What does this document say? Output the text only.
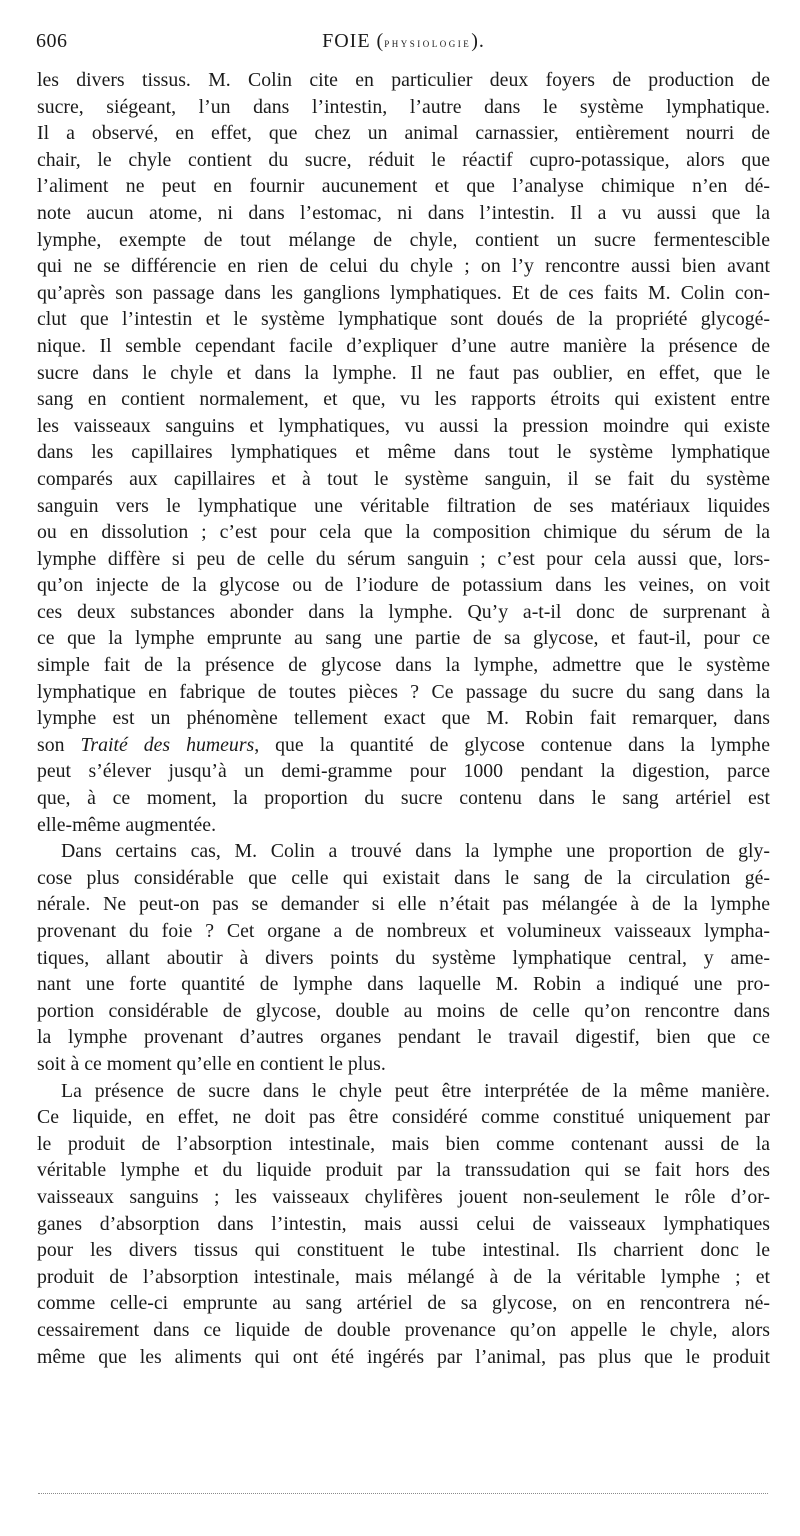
606	FOIE (physiologie).
les divers tissus. M. Colin cite en particulier deux foyers de production de
sucre, siégeant, l’un dans l’intestin, l’autre dans le système lymphatique.
Il a observé, en effet, que chez un animal carnassier, entièrement nourri de
chair, le chyle contient du sucre, réduit le réactif cupro-potassique, alors que
l’aliment ne peut en fournir aucunement et que l’analyse chimique n’en dé-
note aucun atome, ni dans l’estomac, ni dans l’intestin. Il a vu aussi que la
lymphe, exempte de tout mélange de chyle, contient un sucre fermentescible
qui ne se différencie en rien de celui du chyle ; on l’y rencontre aussi bien avant
qu’après son passage dans les ganglions lymphatiques. Et de ces faits M. Colin con-
clut que l’intestin et le système lymphatique sont doués de la propriété glycogé-
nique. Il semble cependant facile d’expliquer d’une autre manière la présence de
sucre dans le chyle et dans la lymphe. Il ne faut pas oublier, en effet, que le
sang en contient normalement, et que, vu les rapports étroits qui existent entre
les vaisseaux sanguins et lymphatiques, vu aussi la pression moindre qui existe
dans les capillaires lymphatiques et même dans tout le système lymphatique
comparés aux capillaires et à tout le système sanguin, il se fait du système
sanguin vers le lymphatique une véritable filtration de ses matériaux liquides
ou en dissolution ; c’est pour cela que la composition chimique du sérum de la
lymphe diffère si peu de celle du sérum sanguin ; c’est pour cela aussi que, lors-
qu’on injecte de la glycose ou de l’iodure de potassium dans les veines, on voit
ces deux substances abonder dans la lymphe. Qu’y a-t-il donc de surprenant à
ce que la lymphe emprunte au sang une partie de sa glycose, et faut-il, pour ce
simple fait de la présence de glycose dans la lymphe, admettre que le système
lymphatique en fabrique de toutes pièces ? Ce passage du sucre du sang dans la
lymphe est un phénomène tellement exact que M. Robin fait remarquer, dans
son Traité des humeurs, que la quantité de glycose contenue dans la lymphe
peut s’élever jusqu’à un demi-gramme pour 1000 pendant la digestion, parce
que, à ce moment, la proportion du sucre contenu dans le sang artériel est
elle-même augmentée.
Dans certains cas, M. Colin a trouvé dans la lymphe une proportion de gly-
cose plus considérable que celle qui existait dans le sang de la circulation gé-
nérale. Ne peut-on pas se demander si elle n’était pas mélangée à de la lymphe
provenant du foie ? Cet organe a de nombreux et volumineux vaisseaux lympha-
tiques, allant aboutir à divers points du système lymphatique central, y ame-
nant une forte quantité de lymphe dans laquelle M. Robin a indiqué une pro-
portion considérable de glycose, double au moins de celle qu’on rencontre dans
la lymphe provenant d’autres organes pendant le travail digestif, bien que ce
soit à ce moment qu’elle en contient le plus.
La présence de sucre dans le chyle peut être interprétée de la même manière.
Ce liquide, en effet, ne doit pas être considéré comme constitué uniquement par
le produit de l’absorption intestinale, mais bien comme contenant aussi de la
véritable lymphe et du liquide produit par la transsudation qui se fait hors des
vaisseaux sanguins ; les vaisseaux chylifères jouent non-seulement le rôle d’or-
ganes d’absorption dans l’intestin, mais aussi celui de vaisseaux lymphatiques
pour les divers tissus qui constituent le tube intestinal. Ils charrient donc le
produit de l’absorption intestinale, mais mélangé à de la véritable lymphe ; et
comme celle-ci emprunte au sang artériel de sa glycose, on en rencontrera né-
cessairement dans ce liquide de double provenance qu’on appelle le chyle, alors
même que les aliments qui ont été ingérés par l’animal, pas plus que le produit
